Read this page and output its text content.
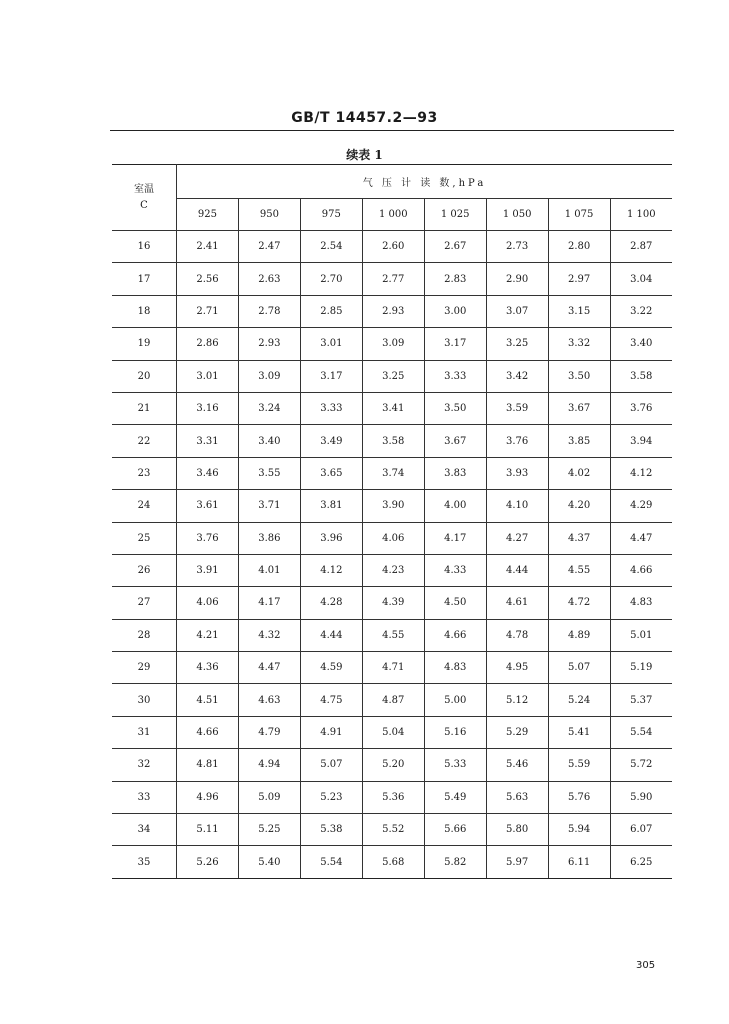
GB/T 14457.2—93
续表 1
室温
C	气 压 计 读 数,hPa							
	925	950	975	1 000	1 025	1 050	1 075	1 100
16	2.41	2.47	2.54	2.60	2.67	2.73	2.80	2.87
17	2.56	2.63	2.70	2.77	2.83	2.90	2.97	3.04
18	2.71	2.78	2.85	2.93	3.00	3.07	3.15	3.22
19	2.86	2.93	3.01	3.09	3.17	3.25	3.32	3.40
20	3.01	3.09	3.17	3.25	3.33	3.42	3.50	3.58
21	3.16	3.24	3.33	3.41	3.50	3.59	3.67	3.76
22	3.31	3.40	3.49	3.58	3.67	3.76	3.85	3.94
23	3.46	3.55	3.65	3.74	3.83	3.93	4.02	4.12
24	3.61	3.71	3.81	3.90	4.00	4.10	4.20	4.29
25	3.76	3.86	3.96	4.06	4.17	4.27	4.37	4.47
26	3.91	4.01	4.12	4.23	4.33	4.44	4.55	4.66
27	4.06	4.17	4.28	4.39	4.50	4.61	4.72	4.83
28	4.21	4.32	4.44	4.55	4.66	4.78	4.89	5.01
29	4.36	4.47	4.59	4.71	4.83	4.95	5.07	5.19
30	4.51	4.63	4.75	4.87	5.00	5.12	5.24	5.37
31	4.66	4.79	4.91	5.04	5.16	5.29	5.41	5.54
32	4.81	4.94	5.07	5.20	5.33	5.46	5.59	5.72
33	4.96	5.09	5.23	5.36	5.49	5.63	5.76	5.90
34	5.11	5.25	5.38	5.52	5.66	5.80	5.94	6.07
35	5.26	5.40	5.54	5.68	5.82	5.97	6.11	6.25
305
